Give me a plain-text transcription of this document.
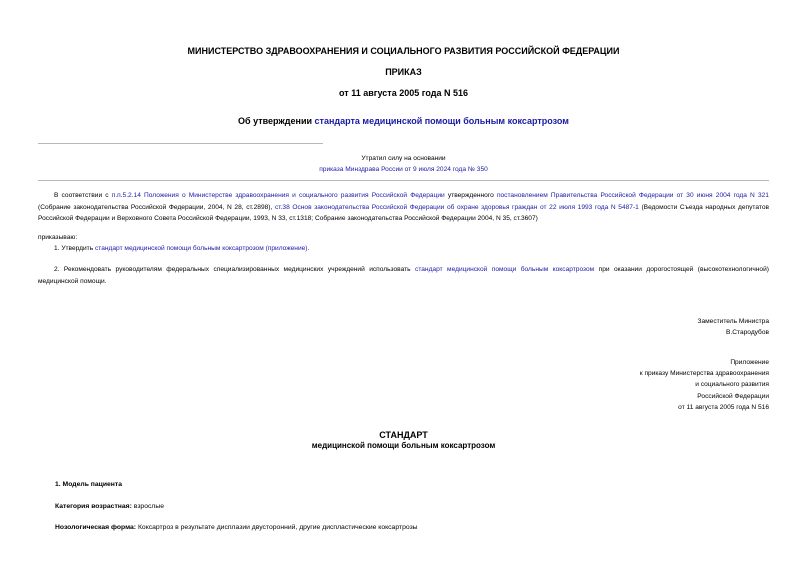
МИНИСТЕРСТВО ЗДРАВООХРАНЕНИЯ И СОЦИАЛЬНОГО РАЗВИТИЯ РОССИЙСКОЙ ФЕДЕРАЦИИ
ПРИКАЗ
от 11 августа 2005 года N 516
Об утверждении стандарта медицинской помощи больным коксартрозом
Утратил силу на основании
приказа Минздрава России от 9 июля 2024 года № 350
В соответствии с п.п.5.2.14 Положения о Министерстве здравоохранения и социального развития Российской Федерации утвержденного постановлением Правительства Российской Федерации от 30 июня 2004 года N 321 (Собрание законодательства Российской Федерации, 2004, N 28, ст.2898), ст.38 Основ законодательства Российской Федерации об охране здоровья граждан от 22 июля 1993 года N 5487-1 (Ведомости Съезда народных депутатов Российской Федерации и Верховного Совета Российской Федерации, 1993, N 33, ст.1318; Собрание законодательства Российской Федерации 2004, N 35, ст.3607)
приказываю:
1. Утвердить стандарт медицинской помощи больным коксартрозом (приложение).
2. Рекомендовать руководителям федеральных специализированных медицинских учреждений использовать стандарт медицинской помощи больным коксартрозом при оказании дорогостоящей (высокотехнологичной) медицинской помощи.
Заместитель Министра
В.Стародубов
Приложение
к приказу Министерства здравоохранения
и социального развития
Российской Федерации
от 11 августа 2005 года N 516
СТАНДАРТ
медицинской помощи больным коксартрозом
1. Модель пациента
Категория возрастная: взрослые
Нозологическая форма: Коксартроз в результате дисплазии двусторонний, другие диспластические коксартрозы
